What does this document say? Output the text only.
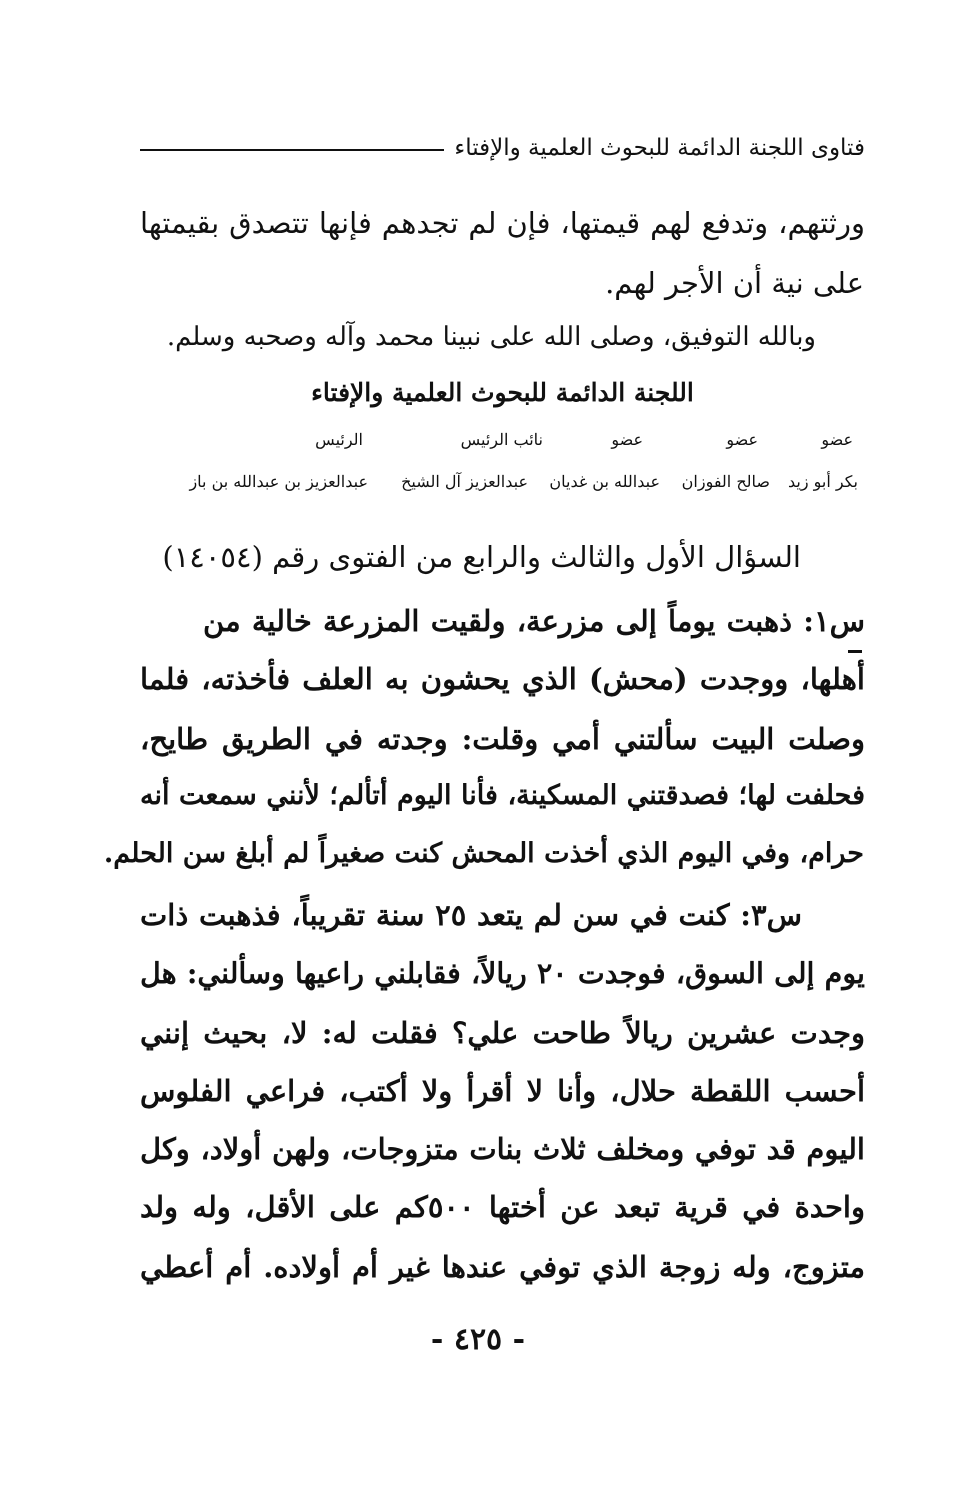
فتاوى اللجنة الدائمة للبحوث العلمية والإفتاء
ورثتهم، وتدفع لهم قيمتها، فإن لم تجدهم فإنها تتصدق بقيمتها
على نية أن الأجر لهم.
وبالله التوفيق، وصلى الله على نبينا محمد وآله وصحبه وسلم.
اللجنة الدائمة للبحوث العلمية والإفتاء
عضو
عضو
عضو
نائب الرئيس
الرئيس
بكر أبو زيد
صالح الفوزان
عبدالله بن غديان
عبدالعزيز آل الشيخ
عبدالعزيز بن عبدالله بن باز
السؤال الأول والثالث والرابع من الفتوى رقم (١٤٠٥٤)
س١: ذهبت يوماً إلى مزرعة، ولقيت المزرعة خالية من
أهلها، ووجدت (محش) الذي يحشون به العلف فأخذته، فلما
وصلت البيت سألتني أمي وقلت: وجدته في الطريق طايح،
فحلفت لها؛ فصدقتني المسكينة، فأنا اليوم أتألم؛ لأنني سمعت أنه
حرام، وفي اليوم الذي أخذت المحش كنت صغيراً لم أبلغ سن الحلم.
س٣: كنت في سن لم يتعد ٢٥ سنة تقريباً، فذهبت ذات
يوم إلى السوق، فوجدت ٢٠ ريالاً، فقابلني راعيها وسألني: هل
وجدت عشرين ريالاً طاحت علي؟ فقلت له: لا، بحيث إنني
أحسب اللقطة حلال، وأنا لا أقرأ ولا أكتب، فراعي الفلوس
اليوم قد توفي ومخلف ثلاث بنات متزوجات، ولهن أولاد، وكل
واحدة في قرية تبعد عن أختها ٥٠٠كم على الأقل، وله ولد
متزوج، وله زوجة الذي توفي عندها غير أم أولاده. أم أعطي
- ٤٢٥ -
